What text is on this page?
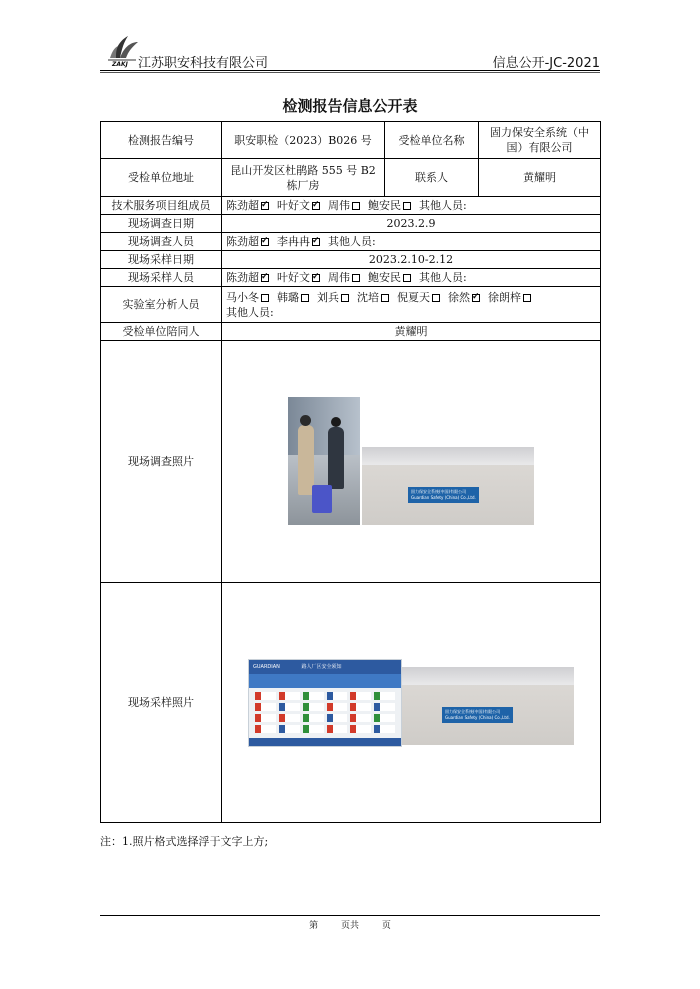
ZAKJ 江苏职安科技有限公司	信息公开-JC-2021
检测报告信息公开表
检测报告编号	职安职检（2023）B026 号	受检单位名称	固力保安全系统（中国）有限公司
受检单位地址	昆山开发区杜鹃路 555 号 B2 栋厂房	联系人	黄耀明
技术服务项目组成员	陈劲超 ✓ 叶好文 ✓ 周伟 鲍安民 其他人员:
现场调查日期	2023.2.9		
现场调查人员	陈劲超 ✓ 李冉冉 ✓ 其他人员:
现场采样日期	2023.2.10-2.12		
现场采样人员	陈劲超 ✓ 叶好文 ✓ 周伟 鲍安民 其他人员:
实验室分析人员	马小冬 韩璐 刘兵 沈培 倪夏天 徐然 ✓ 徐朗梓
其他人员:

受检单位陪同人	黄耀明		
现场调查照片	固力保安全系统(中国)有限公司
Guardian Safety (China) Co.,Ltd.		

现场采样照片	GUARDIAN 路人厂区安全须知
固力保安全系统(中国)有限公司
Guardian Safety (China) Co.,Ltd.		
注：1.照片格式选择浮于文字上方;
第	页共	页
